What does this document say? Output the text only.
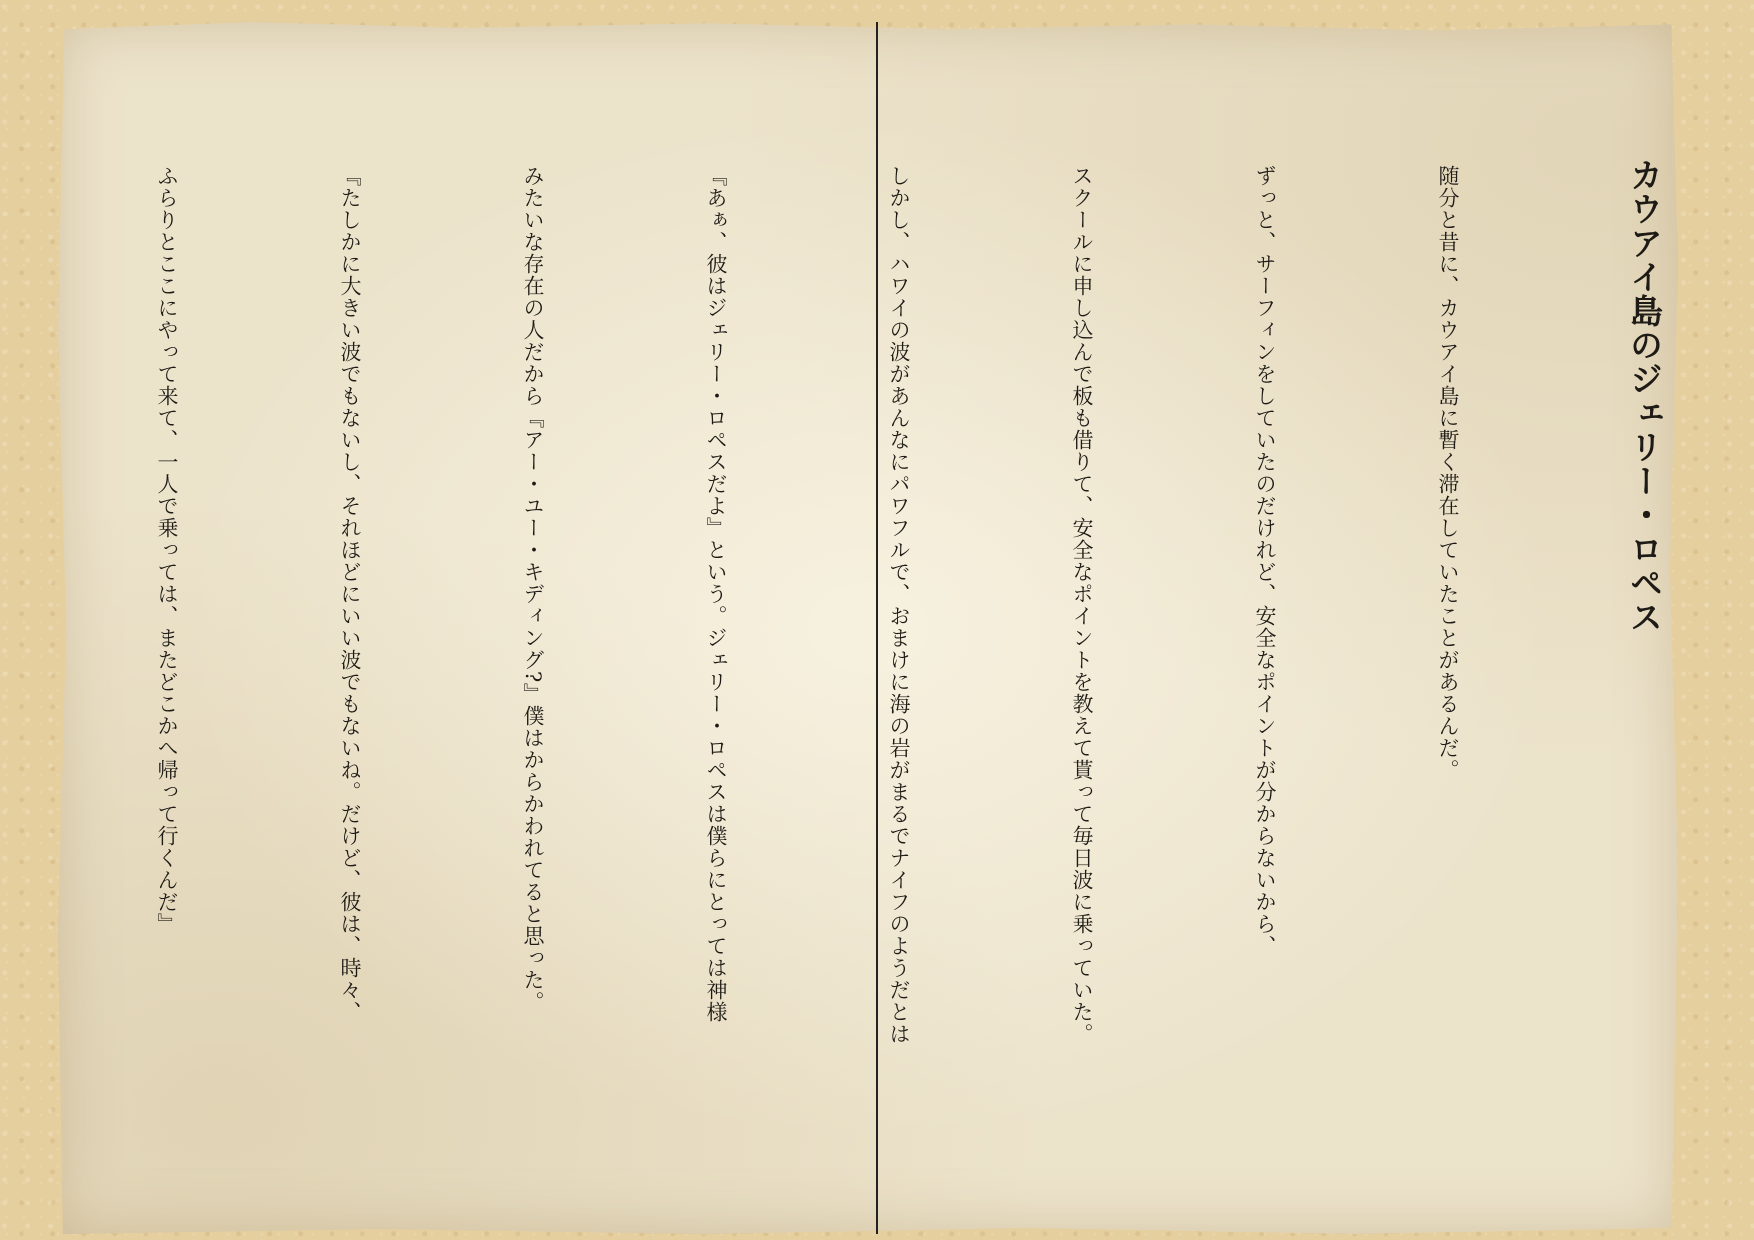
カウアイ島のジェリー・ロペス

随分と昔に、カウアイ島に暫く滞在していたことがあるんだ。

ずっと、サーフィンをしていたのだけれど、安全なポイントが分からないから、

スクールに申し込んで板も借りて、安全なポイントを教えて貰って毎日波に乗っていた。

しかし、ハワイの波があんなにパワフルで、おまけに海の岩がまるでナイフのようだとは

『あぁ、彼はジェリー・ロペスだよ』という。ジェリー・ロペスは僕らにとっては神様

みたいな存在の人だから『アー・ユー・キディング?』僕はからかわれてると思った。

『たしかに大きい波でもないし、それほどにいい波でもないね。だけど、彼は、時々、

ふらりとここにやって来て、一人で乗っては、またどこかへ帰って行くんだ』
